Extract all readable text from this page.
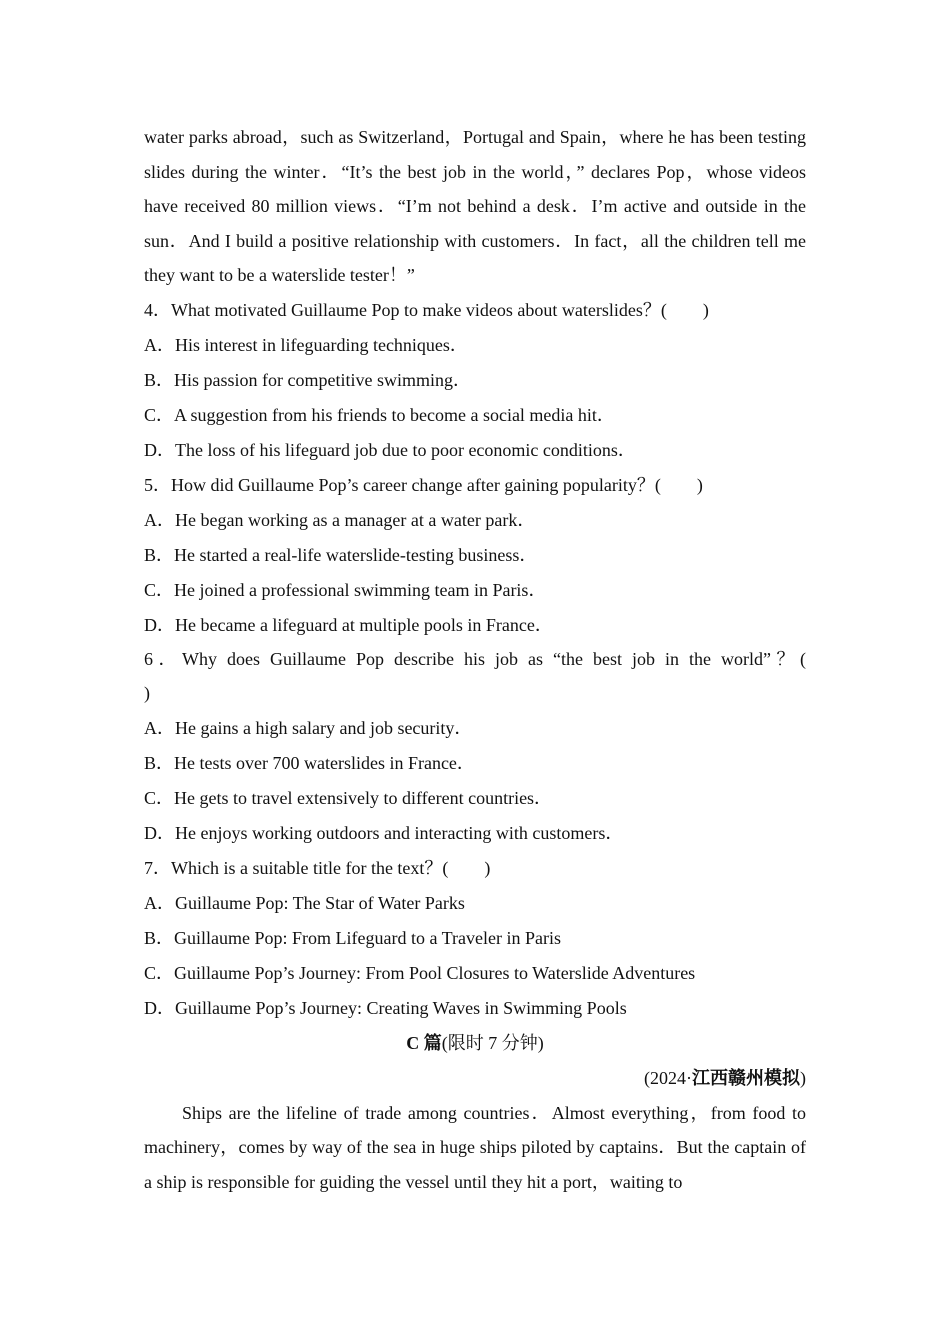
water parks abroad，such as Switzerland，Portugal and Spain，where he has been testing slides during the winter．“It’s the best job in the world，” declares Pop，whose videos have received 80 million views．“I’m not behind a desk．I’m active and outside in the sun．And I build a positive relationship with customers．In fact，all the children tell me they want to be a waterslide tester！”

4．What motivated Guillaume Pop to make videos about waterslides？( )

A．His interest in lifeguarding techniques．

B．His passion for competitive swimming．

C．A suggestion from his friends to become a social media hit．

D．The loss of his lifeguard job due to poor economic conditions．

5．How did Guillaume Pop’s career change after gaining popularity？( )

A．He began working as a manager at a water park．

B．He started a real-life waterslide-testing business．

C．He joined a professional swimming team in Paris．

D．He became a lifeguard at multiple pools in France．

6．Why does Guillaume Pop describe his job as “the best job in the world”？(

)

A．He gains a high salary and job security．

B．He tests over 700 waterslides in France．

C．He gets to travel extensively to different countries．

D．He enjoys working outdoors and interacting with customers．

7．Which is a suitable title for the text？( )

A．Guillaume Pop: The Star of Water Parks

B．Guillaume Pop: From Lifeguard to a Traveler in Paris

C．Guillaume Pop’s Journey: From Pool Closures to Waterslide Adventures

D．Guillaume Pop’s Journey: Creating Waves in Swimming Pools

C 篇(限时 7 分钟)

(2024·江西赣州模拟)

Ships are the lifeline of trade among countries．Almost everything，from food to machinery，comes by way of the sea in huge ships piloted by captains．But the captain of a ship is responsible for guiding the vessel until they hit a port，waiting to
